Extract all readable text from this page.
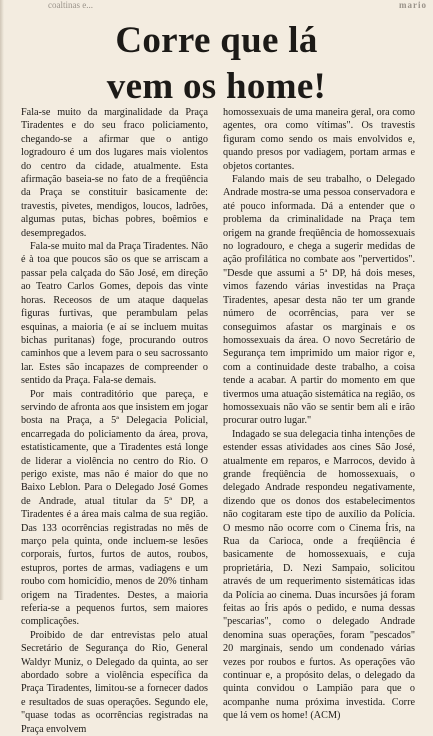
coaltinas e...	mario
Corre que lá
vem os home!

Fala-se muito da marginalidade da Praça Tiradentes e do seu fraco policiamento, chegando-se a afirmar que o antigo logradouro é um dos lugares mais violentos do centro da cidade, atualmente. Esta afirmação baseia-se no fato de a freqüência da Praça se constituir basicamente de: travestis, pivetes, mendigos, loucos, ladrões, algumas putas, bichas pobres, boêmios e desempregados.

Fala-se muito mal da Praça Tiradentes. Não é à toa que poucos são os que se arriscam a passar pela calçada do São José, em direção ao Teatro Carlos Gomes, depois das vinte horas. Receosos de um ataque daquelas figuras furtivas, que perambulam pelas esquinas, a maioria (e aí se incluem muitas bichas puritanas) foge, procurando outros caminhos que a levem para o seu sacrossanto lar. Estes são incapazes de compreender o sentido da Praça. Fala-se demais.

Por mais contraditório que pareça, e servindo de afronta aos que insistem em jogar bosta na Praça, a 5ª Delegacia Policial, encarregada do policiamento da área, prova, estatisticamente, que a Tiradentes está longe de liderar a violência no centro do Rio. O perigo existe, mas não é maior do que no Baixo Leblon. Para o Delegado José Gomes de Andrade, atual titular da 5ª DP, a Tiradentes é a área mais calma de sua região. Das 133 ocorrências registradas no mês de março pela quinta, onde incluem-se lesões corporais, furtos, furtos de autos, roubos, estupros, portes de armas, vadiagens e um roubo com homicídio, menos de 20% tinham origem na Tiradentes. Destes, a maioria referia-se a pequenos furtos, sem maiores complicações.

Proibido de dar entrevistas pelo atual Secretário de Segurança do Rio, General Waldyr Muniz, o Delegado da quinta, ao ser abordado sobre a violência específica da Praça Tiradentes, limitou-se a fornecer dados e resultados de suas operações. Segundo ele, "quase todas as ocorrências registradas na Praça envolvem

homossexuais de uma maneira geral, ora como agentes, ora como vítimas". Os travestis figuram como sendo os mais envolvidos e, quando presos por vadiagem, portam armas e objetos cortantes.

Falando mais de seu trabalho, o Delegado Andrade mostra-se uma pessoa conservadora e até pouco informada. Dá a entender que o problema da criminalidade na Praça tem origem na grande freqüência de homossexuais no logradouro, e chega a sugerir medidas de ação profilática no combate aos "pervertidos". "Desde que assumi a 5ª DP, há dois meses, vimos fazendo várias investidas na Praça Tiradentes, apesar desta não ter um grande número de ocorrências, para ver se conseguimos afastar os marginais e os homossexuais da área. O novo Secretário de Segurança tem imprimido um maior rigor e, com a continuidade deste trabalho, a coisa tende a acabar. A partir do momento em que tivermos uma atuação sistemática na região, os homossexuais não vão se sentir bem ali e irão procurar outro lugar."

Indagado se sua delegacia tinha intenções de estender essas atividades aos cines São José, atualmente em reparos, e Marrocos, devido à grande freqüência de homossexuais, o delegado Andrade respondeu negativamente, dizendo que os donos dos estabelecimentos não cogitaram este tipo de auxílio da Polícia. O mesmo não ocorre com o Cinema Íris, na Rua da Carioca, onde a freqüência é basicamente de homossexuais, e cuja proprietária, D. Nezi Sampaio, solicitou através de um requerimento sistemáticas idas da Polícia ao cinema. Duas incursões já foram feitas ao Íris após o pedido, e numa dessas "pescarias", como o delegado Andrade denomina suas operações, foram "pescados" 20 marginais, sendo um condenado várias vezes por roubos e furtos. As operações vão continuar e, a propósito delas, o delegado da quinta convidou o Lampião para que o acompanhe numa próxima investida. Corre que lá vem os home! (ACM)
